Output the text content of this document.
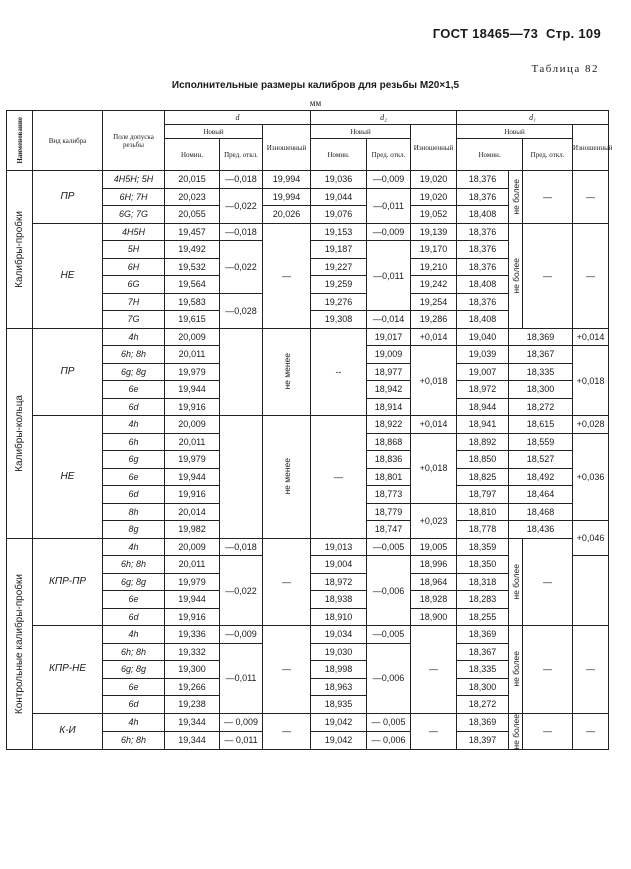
ГОСТ 18465—73 Стр. 109
Таблица 82
Исполнительные размеры калибров для резьбы М20×1,5
мм
Наименование	Вид калибра	Поле допуска резьбы	d			d₂			d₁				
			Новый		Изношенный	Новый		Изношенный	Новый			Изношенный	
			Номин.	Пред. откл.		Номин.	Пред. откл.		Номин.		Пред. откл.		

Калибры-пробки	ПР	4H5H; 5H	20,015	—0,018	19,994	19,036	—0,009	19,020	18,376	не более	—	—	
		6H; 7H	20,023	—0,022	19,994	19,044	—0,011	19,020	18,376				
		6G; 7G	20,055		20,026	19,076		19,052	18,408				
	НЕ	4H5H	19,457	—0,018	—	19,153	—0,009	19,139	18,376	не более	—	—	
		5H	19,492	—0,022		19,187	—0,011	19,170	18,376				
		6H	19,532			19,227		19,210	18,376				
		6G	19,564			19,259		19,242	18,408				
		7H	19,583	—0,028		19,276		19,254	18,376				
		7G	19,615			19,308	—0,014	19,286	18,408				

Калибры-кольца	ПР	4h	20,009		не менее	--	19,017	+0,014	19,040	18,369		+0,014	
		6h; 8h	20,011				19,009	+0,018	19,039	18,367		+0,018	
		6g; 8g	19,979				18,977		19,007	18,335	
		6e	19,944				18,942		18,972	18,300	
		6d	19,916				18,914		18,944	18,272	
	НЕ	4h	20,009		не менее	—	18,922	+0,014	18,941	18,615		+0,028	
		6h	20,011				18,868	+0,018	18,892	18,559		+0,036	
		6g	19,979				18,836		18,850	18,527			
		6e	19,944				18,801		18,825	18,492			
		6d	19,916				18,773		18,797	18,464			
		8h	20,014				18,779	+0,023	18,810	18,468			
		8g	19,982				18,747		18,778	18,436		+0,046	

Контрольные калибры-пробки	КПР-ПР	4h	20,009	—0,018	—	19,013	—0,005	19,005	18,359	не более	—	
		6h; 8h	20,011	—0,022		19,004	—0,006	18,996	18,350				
		6g; 8g	19,979			18,972		18,964	18,318				
		6e	19,944			18,938		18,928	18,283				
		6d	19,916			18,910		18,900	18,255				
	КПР-НЕ	4h	19,336	—0,009	—	19,034	—0,005	—	18,369	не более	—	—	
		6h; 8h	19,332	—0,011		19,030	—0,006		18,367				
		6g; 8g	19,300			18,998			18,335				
		6e	19,266			18,963			18,300				
		6d	19,238			18,935			18,272				
	К-И	4h	19,344	— 0,009	—	19,042	— 0,005	—	18,369	не более	—	—	
		6h; 8h	19,344	— 0,011		19,042	— 0,006		18,397				
